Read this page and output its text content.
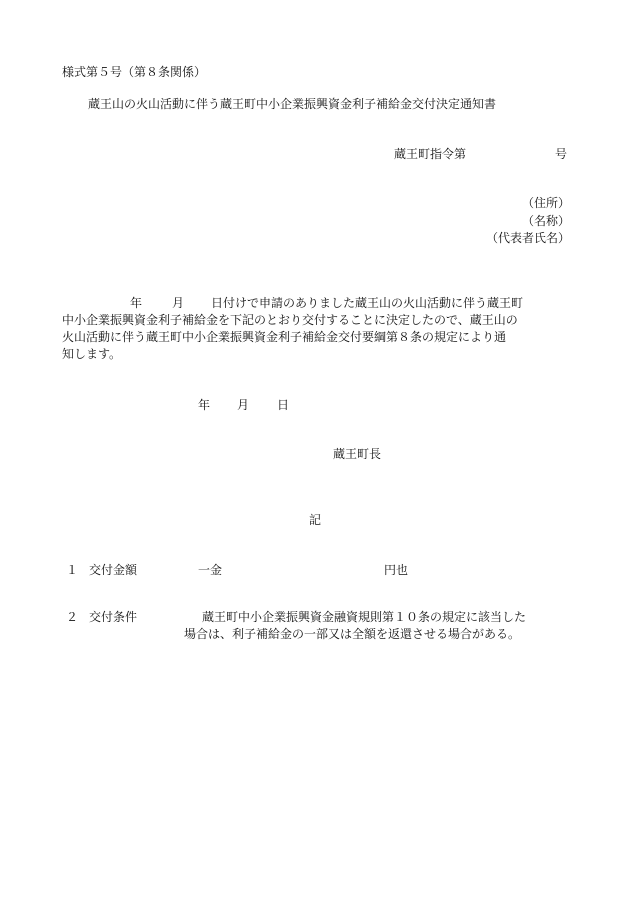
様式第５号（第８条関係）
蔵王山の火山活動に伴う蔵王町中小企業振興資金利子補給金交付決定通知書
蔵王町指令第	号
（住所）
（名称）
（代表者氏名）
年	月 日付けで申請のありました蔵王山の火山活動に伴う蔵王町
中小企業振興資金利子補給金を下記のとおり交付することに決定したので、蔵王山の
火山活動に伴う蔵王町中小企業振興資金利子補給金交付要綱第８条の規定により通
知します。
年 月 日
蔵王町長
記
１ 交付金額	一金	円也
２ 交付条件	蔵王町中小企業振興資金融資規則第１０条の規定に該当した
場合は、利子補給金の一部又は全額を返還させる場合がある。
